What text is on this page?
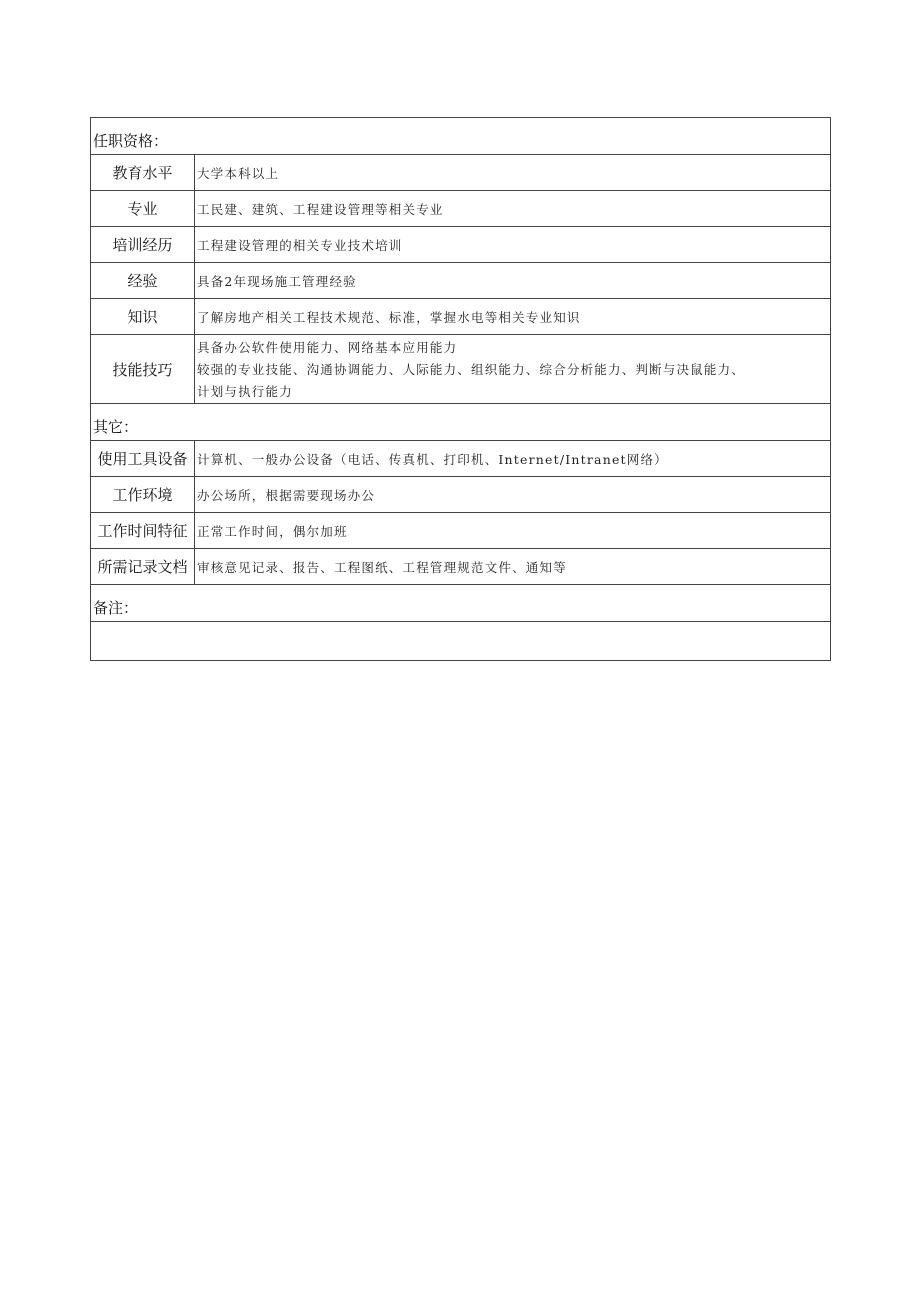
任职资格：	
教育水平	大学本科以上
专业	工民建、建筑、工程建设管理等相关专业
培训经历	工程建设管理的相关专业技术培训
经验	具备2年现场施工管理经验
知识	了解房地产相关工程技术规范、标准，掌握水电等相关专业知识
技能技巧	具备办公软件使用能力、网络基本应用能力
较强的专业技能、沟通协调能力、人际能力、组织能力、综合分析能力、判断与决鼠能力、
计划与执行能力

其它：	
使用工具设备	计算机、一般办公设备（电话、传真机、打印机、Internet/Intranet网络）
工作环境	办公场所，根据需要现场办公
工作时间特征	正常工作时间，偶尔加班
所需记录文档	审核意见记录、报告、工程图纸、工程管理规范文件、通知等
备注：	
